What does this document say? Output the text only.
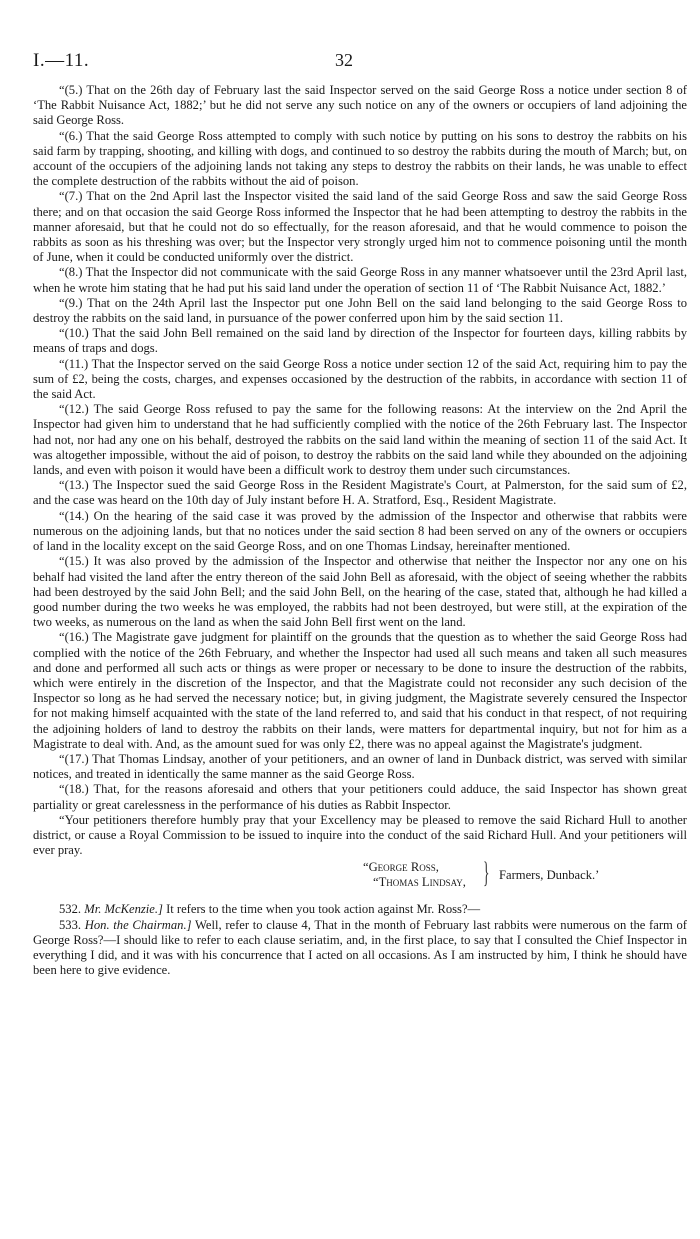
I.—11.	32

“(5.) That on the 26th day of February last the said Inspector served on the said George Ross a notice under section 8 of ‘The Rabbit Nuisance Act, 1882;’ but he did not serve any such notice on any of the owners or occupiers of land adjoining the said George Ross.

“(6.) That the said George Ross attempted to comply with such notice by putting on his sons to destroy the rabbits on his said farm by trapping, shooting, and killing with dogs, and continued to so destroy the rabbits during the mouth of March; but, on account of the occupiers of the adjoining lands not taking any steps to destroy the rabbits on their lands, he was unable to effect the complete destruction of the rabbits without the aid of poison.

“(7.) That on the 2nd April last the Inspector visited the said land of the said George Ross and saw the said George Ross there; and on that occasion the said George Ross informed the Inspector that he had been attempting to destroy the rabbits in the manner aforesaid, but that he could not do so effectually, for the reason aforesaid, and that he would commence to poison the rabbits as soon as his threshing was over; but the Inspector very strongly urged him not to commence poisoning until the month of June, when it could be conducted uniformly over the district.

“(8.) That the Inspector did not communicate with the said George Ross in any manner whatsoever until the 23rd April last, when he wrote him stating that he had put his said land under the operation of section 11 of ‘The Rabbit Nuisance Act, 1882.’

“(9.) That on the 24th April last the Inspector put one John Bell on the said land belonging to the said George Ross to destroy the rabbits on the said land, in pursuance of the power conferred upon him by the said section 11.

“(10.) That the said John Bell remained on the said land by direction of the Inspector for fourteen days, killing rabbits by means of traps and dogs.

“(11.) That the Inspector served on the said George Ross a notice under section 12 of the said Act, requiring him to pay the sum of £2, being the costs, charges, and expenses occasioned by the destruction of the rabbits, in accordance with section 11 of the said Act.

“(12.) The said George Ross refused to pay the same for the following reasons: At the interview on the 2nd April the Inspector had given him to understand that he had sufficiently complied with the notice of the 26th February last. The Inspector had not, nor had any one on his behalf, destroyed the rabbits on the said land within the meaning of section 11 of the said Act. It was altogether impossible, without the aid of poison, to destroy the rabbits on the said land while they abounded on the adjoining lands, and even with poison it would have been a difficult work to destroy them under such circumstances.

“(13.) The Inspector sued the said George Ross in the Resident Magistrate's Court, at Palmerston, for the said sum of £2, and the case was heard on the 10th day of July instant before H. A. Stratford, Esq., Resident Magistrate.

“(14.) On the hearing of the said case it was proved by the admission of the Inspector and otherwise that rabbits were numerous on the adjoining lands, but that no notices under the said section 8 had been served on any of the owners or occupiers of land in the locality except on the said George Ross, and on one Thomas Lindsay, hereinafter mentioned.

“(15.) It was also proved by the admission of the Inspector and otherwise that neither the Inspector nor any one on his behalf had visited the land after the entry thereon of the said John Bell as aforesaid, with the object of seeing whether the rabbits had been destroyed by the said John Bell; and the said John Bell, on the hearing of the case, stated that, although he had killed a good number during the two weeks he was employed, the rabbits had not been destroyed, but were still, at the expiration of the two weeks, as numerous on the land as when the said John Bell first went on the land.

“(16.) The Magistrate gave judgment for plaintiff on the grounds that the question as to whether the said George Ross had complied with the notice of the 26th February, and whether the Inspector had used all such means and taken all such measures and done and performed all such acts or things as were proper or necessary to be done to insure the destruction of the rabbits, which were entirely in the discretion of the Inspector, and that the Magistrate could not reconsider any such decision of the Inspector so long as he had served the necessary notice; but, in giving judgment, the Magistrate severely censured the Inspector for not making himself acquainted with the state of the land referred to, and said that his conduct in that respect, of not requiring the adjoining holders of land to destroy the rabbits on their lands, were matters for departmental inquiry, but not for him as a Magistrate to deal with. And, as the amount sued for was only £2, there was no appeal against the Magistrate's judgment.

“(17.) That Thomas Lindsay, another of your petitioners, and an owner of land in Dunback district, was served with similar notices, and treated in identically the same manner as the said George Ross.

“(18.) That, for the reasons aforesaid and others that your petitioners could adduce, the said Inspector has shown great partiality or great carelessness in the performance of his duties as Rabbit Inspector.

“Your petitioners therefore humbly pray that your Excellency may be pleased to remove the said Richard Hull to another district, or cause a Royal Commission to be issued to inquire into the conduct of the said Richard Hull. And your petitioners will ever pray.

“George Ross,
“Thomas Lindsay, } Farmers, Dunback.’

532. Mr. McKenzie.] It refers to the time when you took action against Mr. Ross?—

533. Hon. the Chairman.] Well, refer to clause 4, That in the month of February last rabbits were numerous on the farm of George Ross?—I should like to refer to each clause seriatim, and, in the first place, to say that I consulted the Chief Inspector in everything I did, and it was with his concurrence that I acted on all occasions. As I am instructed by him, I think he should have been here to give evidence.
